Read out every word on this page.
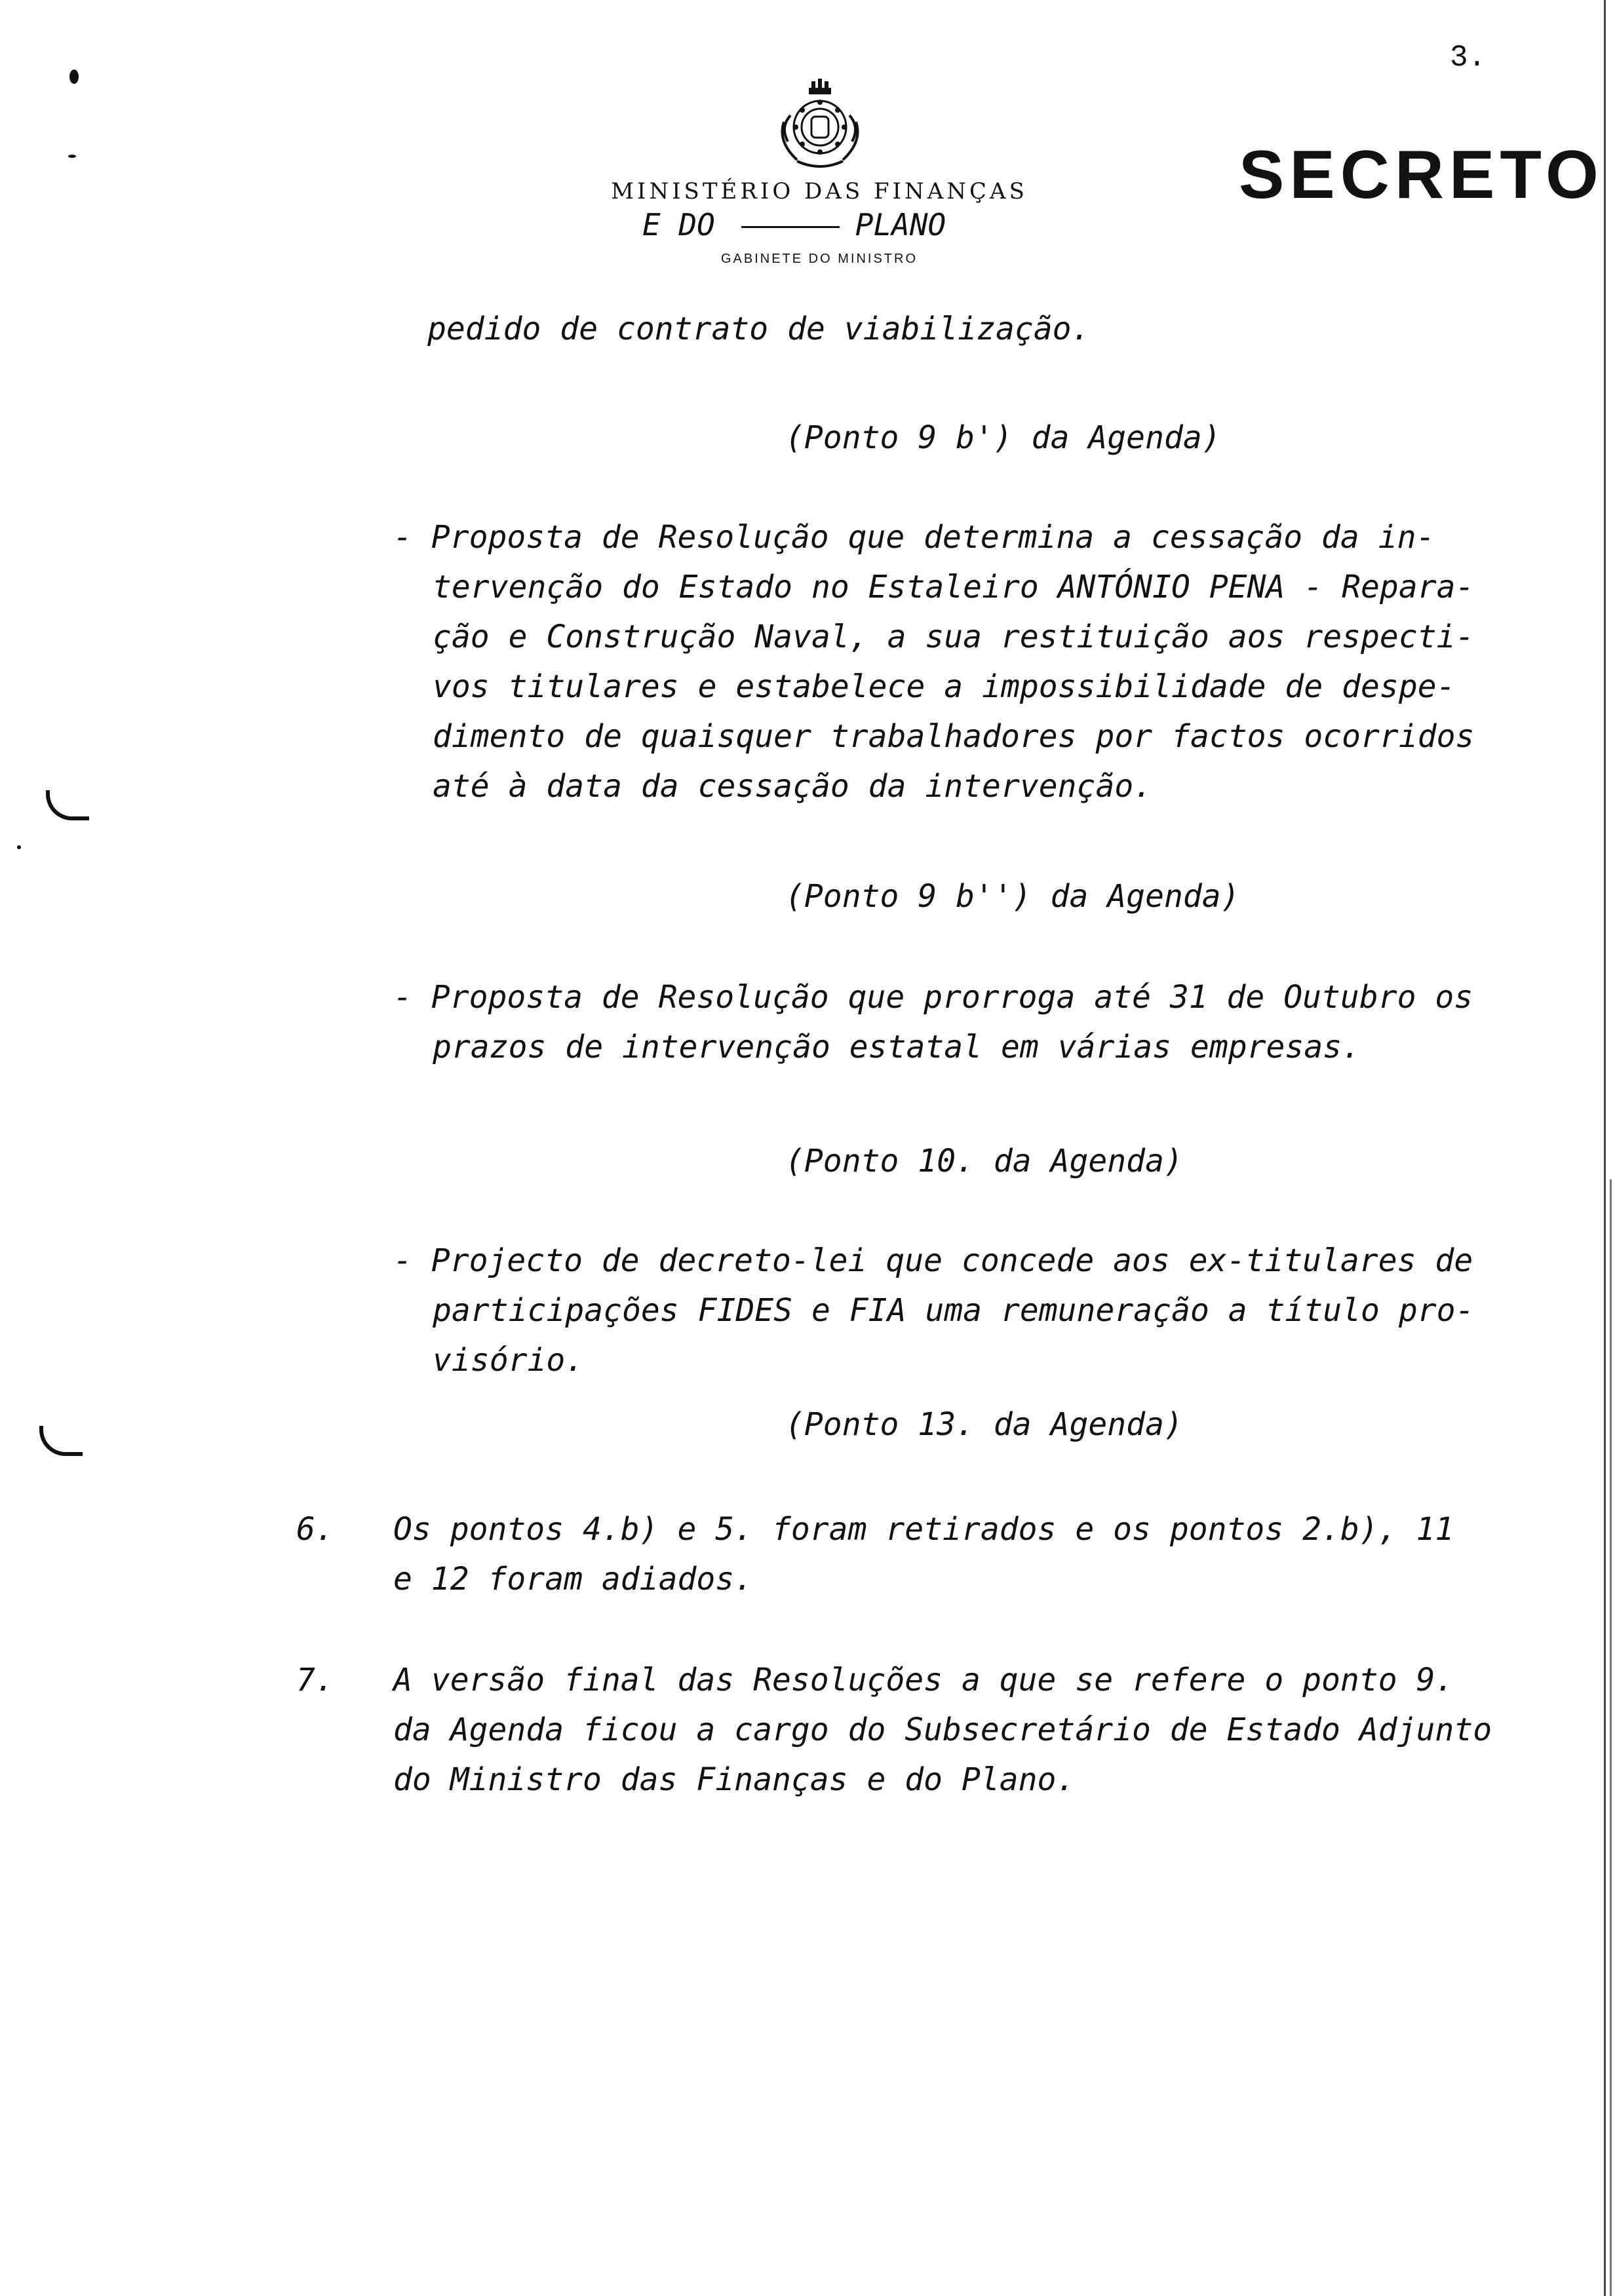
3.
SECRETO
MINISTÉRIO DAS FINANÇAS
E DO	PLANO
GABINETE DO MINISTRO
pedido de contrato de viabilização.
(Ponto 9 b') da Agenda)
- Proposta de Resolução que determina a cessação da in-
tervenção do Estado no Estaleiro ANTÓNIO PENA - Repara-
ção e Construção Naval, a sua restituição aos respecti-
vos titulares e estabelece a impossibilidade de despe-
dimento de quaisquer trabalhadores por factos ocorridos
até à data da cessação da intervenção.
(Ponto 9 b'') da Agenda)
- Proposta de Resolução que prorroga até 31 de Outubro os
prazos de intervenção estatal em várias empresas.
(Ponto 10. da Agenda)
- Projecto de decreto-lei que concede aos ex-titulares de
participações FIDES e FIA uma remuneração a título pro-
visório.
(Ponto 13. da Agenda)
6. Os pontos 4.b) e 5. foram retirados e os pontos 2.b), 11
e 12 foram adiados.
7. A versão final das Resoluções a que se refere o ponto 9.
da Agenda ficou a cargo do Subsecretário de Estado Adjunto
do Ministro das Finanças e do Plano.
